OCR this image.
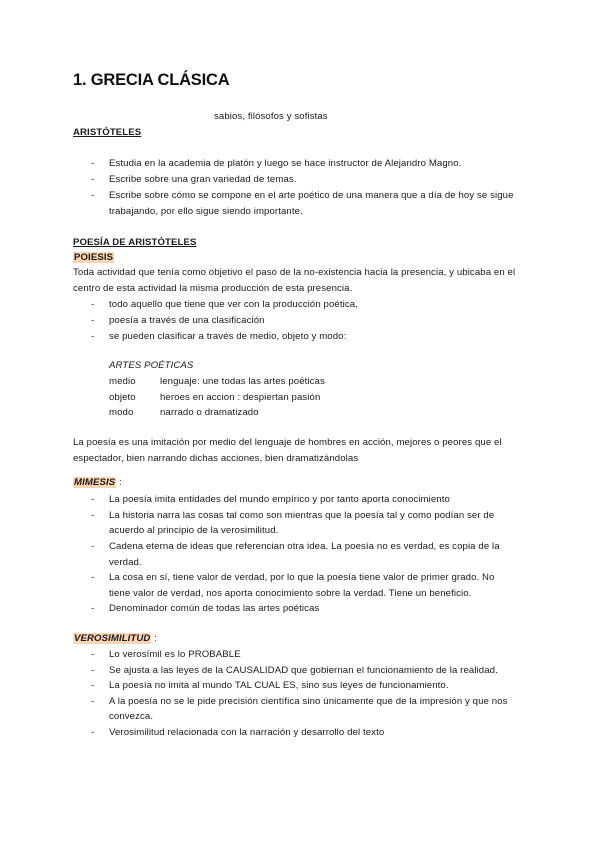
1. GRECIA CLÁSICA
sabios, filósofos y sofistas
ARISTÓTELES
- Estudia en la academia de platón y luego se hace instructor de Alejandro Magno.
- Escribe sobre una gran variedad de temas.
- Escribe sobre cómo se compone en el arte poético de una manera que a día de hoy se sigue
trabajando, por ello sigue siendo importante.
POESÍA DE ARISTÓTELES
POIESIS
Toda actividad que tenía como objetivo el paso de la no-existencia hacia la presencia, y ubicaba en el
centro de esta actividad la misma producción de esta presencia.
- todo aquello que tiene que ver con la producción poética,
- poesía a través de una clasificación
- se pueden clasificar a través de medio, objeto y modo:
ARTES POÉTICAS
medio	lenguaje: une todas las artes poéticas
objeto	heroes en accion : despiertan pasión
modo	narrado o dramatizado
La poesía es una imitación por medio del lenguaje de hombres en acción, mejores o peores que el
espectador, bien narrando dichas acciones, bien dramatizándolas
MIMESIS :
- La poesía imita entidades del mundo empírico y por tanto aporta conocimiento
- La historia narra las cosas tal como son mientras que la poesía tal y como podían ser de
acuerdo al principio de la verosimilitud.
- Cadena eterna de ideas que referencian otra idea. La poesía no es verdad, es copia de la
verdad.
- La cosa en sí, tiene valor de verdad, por lo que la poesía tiene valor de primer grado. No
tiene valor de verdad, nos aporta conocimiento sobre la verdad. Tiene un beneficio.
- Denominador común de todas las artes poéticas
VEROSIMILITUD :
- Lo verosímil es lo PROBABLE
- Se ajusta a las leyes de la CAUSALIDAD que gobiernan el funcionamiento de la realidad.
- La poesía no imita al mundo TAL CUAL ES, sino sus leyes de funcionamiento.
- A la poesía no se le pide precisión científica sino únicamente que de la impresión y que nos
convezca.
- Verosimilitud relacionada con la narración y desarrollo del texto
